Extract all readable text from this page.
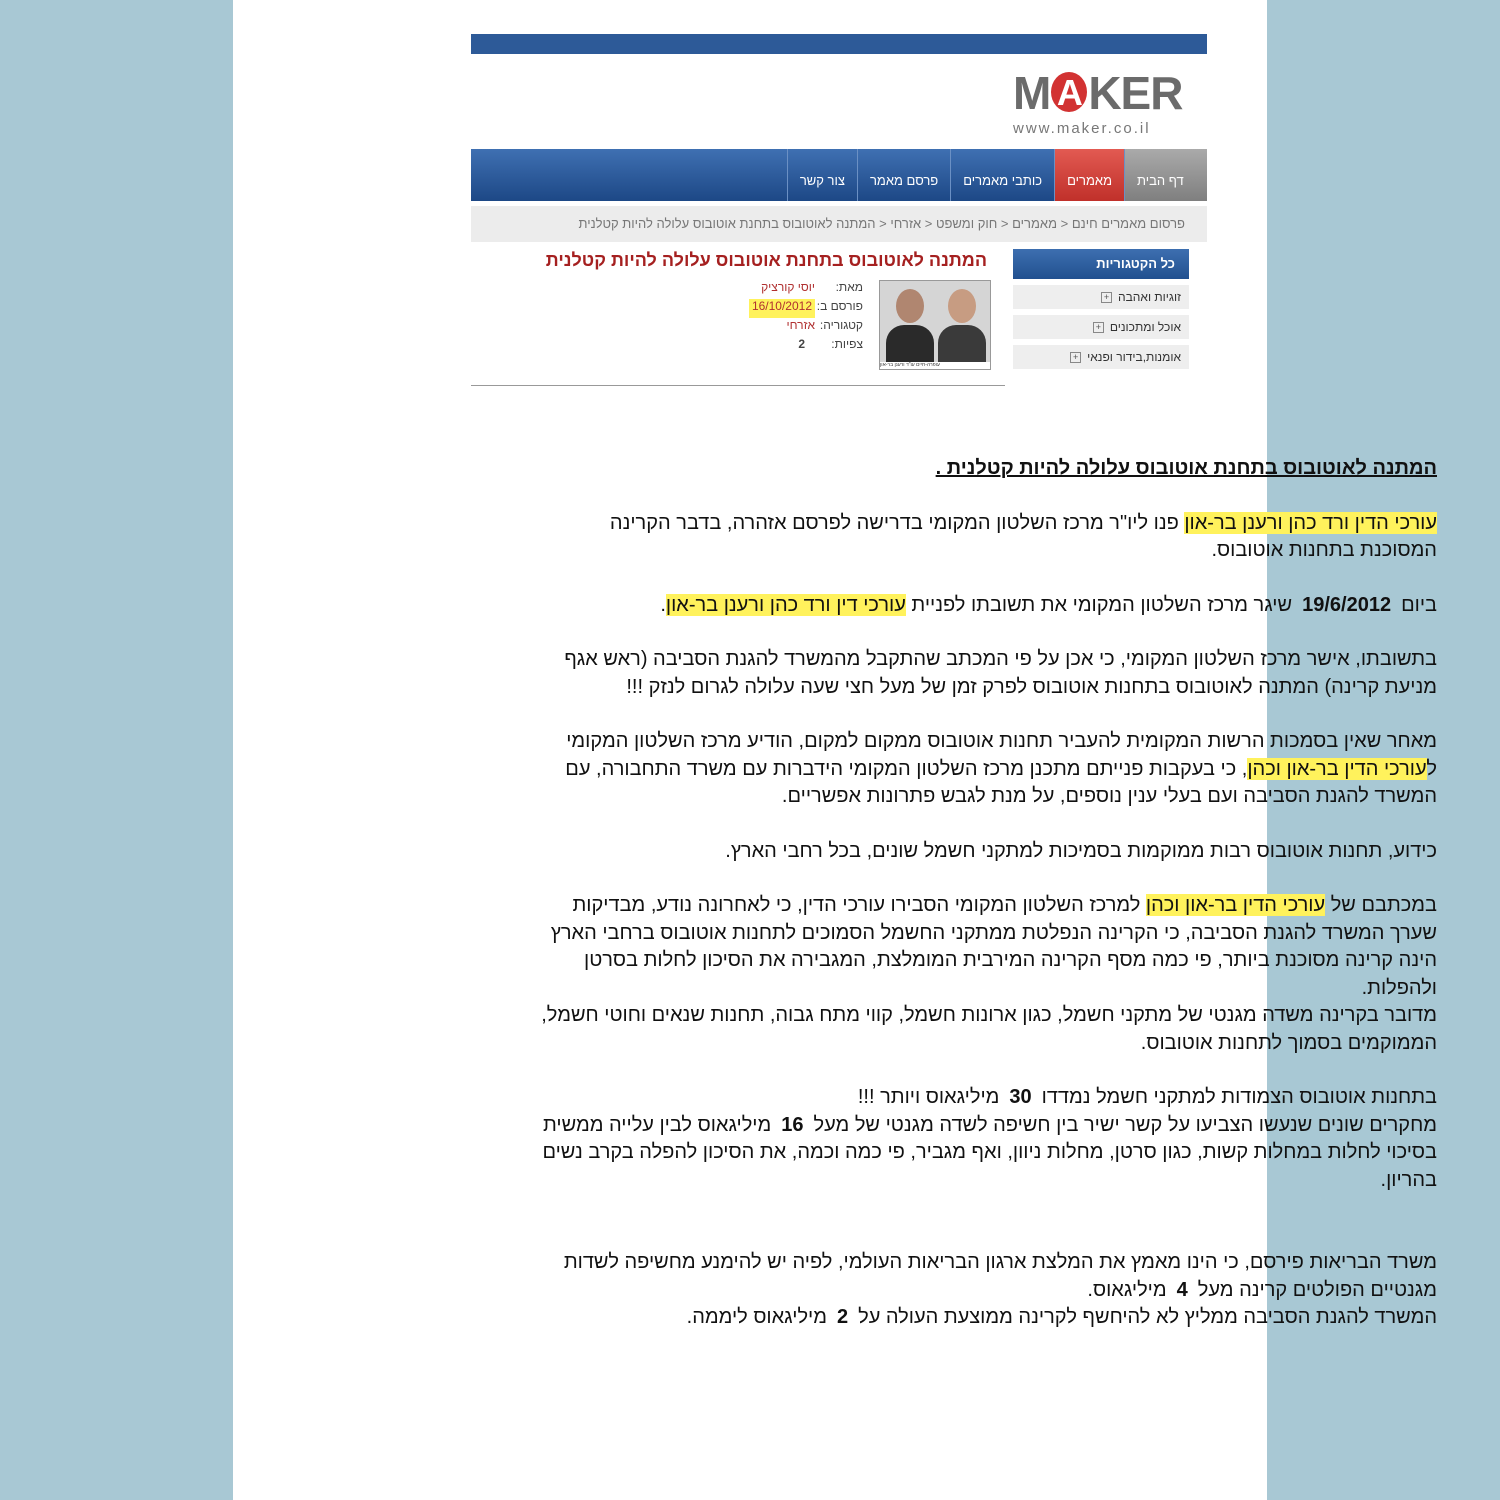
M A KER
www.maker.co.il
דף הבית
מאמרים
כותבי מאמרים
פרסם מאמר
צור קשר
פרסום מאמרים חינם < מאמרים < חוק ומשפט < אזרחי < המתנה לאוטובוס בתחנת אוטובוס עלולה להיות קטלנית
כל הקטגוריות
זוגיות ואהבה
+
אוכל ומתכונים
+
אומנות,בידור ופנאי
+
המתנה לאוטובוס בתחנת אוטובוס עלולה להיות קטלנית
עופרה-חיים עו"ד ורענן בר-און
מאת:
יוסי קורציק
פורסם ב:
16/10/2012
קטגוריה:
אזרחי
צפיות:
2
המתנה לאוטובוס בתחנת אוטובוס עלולה להיות קטלנית .
עורכי הדין ורד כהן ורענן בר-און פנו ליו"ר מרכז השלטון המקומי בדרישה לפרסם אזהרה, בדבר הקרינה המסוכנת בתחנות אוטובוס.
ביום19/6/2012שיגר מרכז השלטון המקומי את תשובתו לפניית עורכי דין ורד כהן ורענן בר-און.
בתשובתו, אישר מרכז השלטון המקומי, כי אכן על פי המכתב שהתקבל מהמשרד להגנת הסביבה (ראש אגף מניעת קרינה) המתנה לאוטובוס בתחנות אוטובוס לפרק זמן של מעל חצי שעה עלולה לגרום לנזק !!!
מאחר שאין בסמכות הרשות המקומית להעביר תחנות אוטובוס ממקום למקום, הודיע מרכז השלטון המקומי לעורכי הדין בר-און וכהן, כי בעקבות פנייתם מתכנן מרכז השלטון המקומי הידברות עם משרד התחבורה, עם המשרד להגנת הסביבה ועם בעלי ענין נוספים, על מנת לגבש פתרונות אפשריים.
כידוע, תחנות אוטובוס רבות ממוקמות בסמיכות למתקני חשמל שונים, בכל רחבי הארץ.
במכתבם של עורכי הדין בר-און וכהן למרכז השלטון המקומי הסבירו עורכי הדין, כי לאחרונה נודע, מבדיקות שערך המשרד להגנת הסביבה, כי הקרינה הנפלטת ממתקני החשמל הסמוכים לתחנות אוטובוס ברחבי הארץ הינה קרינה מסוכנת ביותר, פי כמה מסף הקרינה המירבית המומלצת, המגבירה את הסיכון לחלות בסרטן ולהפלות.
מדובר בקרינה משדה מגנטי של מתקני חשמל, כגון ארונות חשמל, קווי מתח גבוה, תחנות שנאים וחוטי חשמל, הממוקמים בסמוך לתחנות אוטובוס.
בתחנות אוטובוס הצמודות למתקני חשמל נמדדו30מיליגאוס ויותר !!!
מחקרים שונים שנעשו הצביעו על קשר ישיר בין חשיפה לשדה מגנטי של מעל16מיליגאוס לבין עלייה ממשית בסיכוי לחלות במחלות קשות, כגון סרטן, מחלות ניוון, ואף מגביר, פי כמה וכמה, את הסיכון להפלה בקרב נשים בהריון.
משרד הבריאות פירסם, כי הינו מאמץ את המלצת ארגון הבריאות העולמי, לפיה יש להימנע מחשיפה לשדות מגנטיים הפולטים קרינה מעל4מיליגאוס.
המשרד להגנת הסביבה ממליץ לא להיחשף לקרינה ממוצעת העולה על2מיליגאוס ליממה.
